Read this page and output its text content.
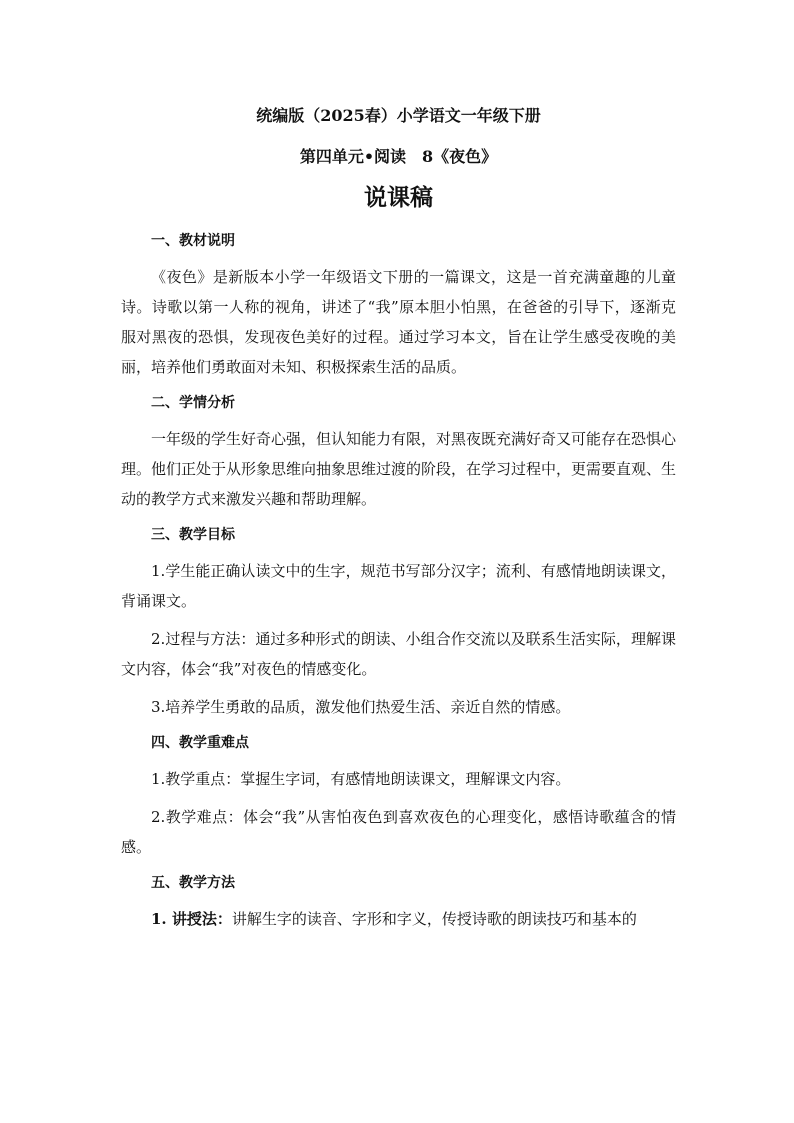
统编版（2025春）小学语文一年级下册

第四单元•阅读　8《夜色》

说课稿

一、教材说明

《夜色》是新版本小学一年级语文下册的一篇课文，这是一首充满童趣的儿童诗。诗歌以第一人称的视角，讲述了“我”原本胆小怕黑，在爸爸的引导下，逐渐克服对黑夜的恐惧，发现夜色美好的过程。通过学习本文，旨在让学生感受夜晚的美丽，培养他们勇敢面对未知、积极探索生活的品质。

二、学情分析

一年级的学生好奇心强，但认知能力有限，对黑夜既充满好奇又可能存在恐惧心理。他们正处于从形象思维向抽象思维过渡的阶段，在学习过程中，更需要直观、生动的教学方式来激发兴趣和帮助理解。

三、教学目标

1.学生能正确认读文中的生字，规范书写部分汉字；流利、有感情地朗读课文，背诵课文。

2.过程与方法：通过多种形式的朗读、小组合作交流以及联系生活实际，理解课文内容，体会“我”对夜色的情感变化。

3.培养学生勇敢的品质，激发他们热爱生活、亲近自然的情感。

四、教学重难点

1.教学重点：掌握生字词，有感情地朗读课文，理解课文内容。

2.教学难点：体会“我”从害怕夜色到喜欢夜色的心理变化，感悟诗歌蕴含的情感。

五、教学方法

1. 讲授法：讲解生字的读音、字形和字义，传授诗歌的朗读技巧和基本的
